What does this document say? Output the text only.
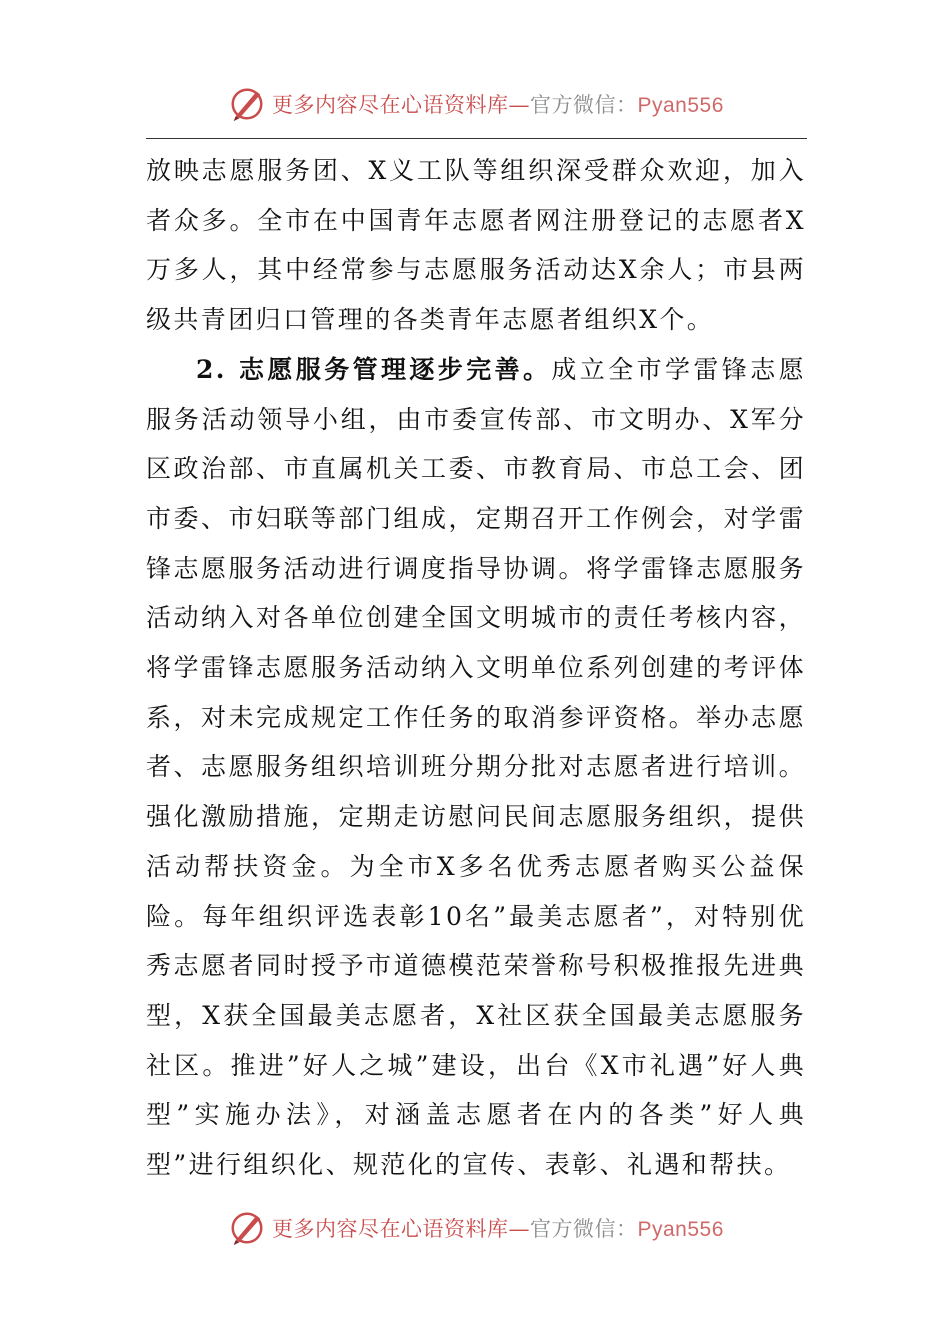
更多内容尽在心语资料库—官方微信：Pyan556

放映志愿服务团、X义工队等组织深受群众欢迎，加入者众多。全市在中国青年志愿者网注册登记的志愿者X万多人，其中经常参与志愿服务活动达X余人；市县两级共青团归口管理的各类青年志愿者组织X个。

2. 志愿服务管理逐步完善。成立全市学雷锋志愿服务活动领导小组，由市委宣传部、市文明办、X军分区政治部、市直属机关工委、市教育局、市总工会、团市委、市妇联等部门组成，定期召开工作例会，对学雷锋志愿服务活动进行调度指导协调。将学雷锋志愿服务活动纳入对各单位创建全国文明城市的责任考核内容，将学雷锋志愿服务活动纳入文明单位系列创建的考评体系，对未完成规定工作任务的取消参评资格。举办志愿者、志愿服务组织培训班分期分批对志愿者进行培训。强化激励措施，定期走访慰问民间志愿服务组织，提供活动帮扶资金。为全市X多名优秀志愿者购买公益保险。每年组织评选表彰10名”最美志愿者”，对特别优秀志愿者同时授予市道德模范荣誉称号积极推报先进典型，X获全国最美志愿者，X社区获全国最美志愿服务社区。推进”好人之城”建设，出台《X市礼遇”好人典型”实施办法》，对涵盖志愿者在内的各类”好人典型”进行组织化、规范化的宣传、表彰、礼遇和帮扶。

更多内容尽在心语资料库—官方微信：Pyan556
